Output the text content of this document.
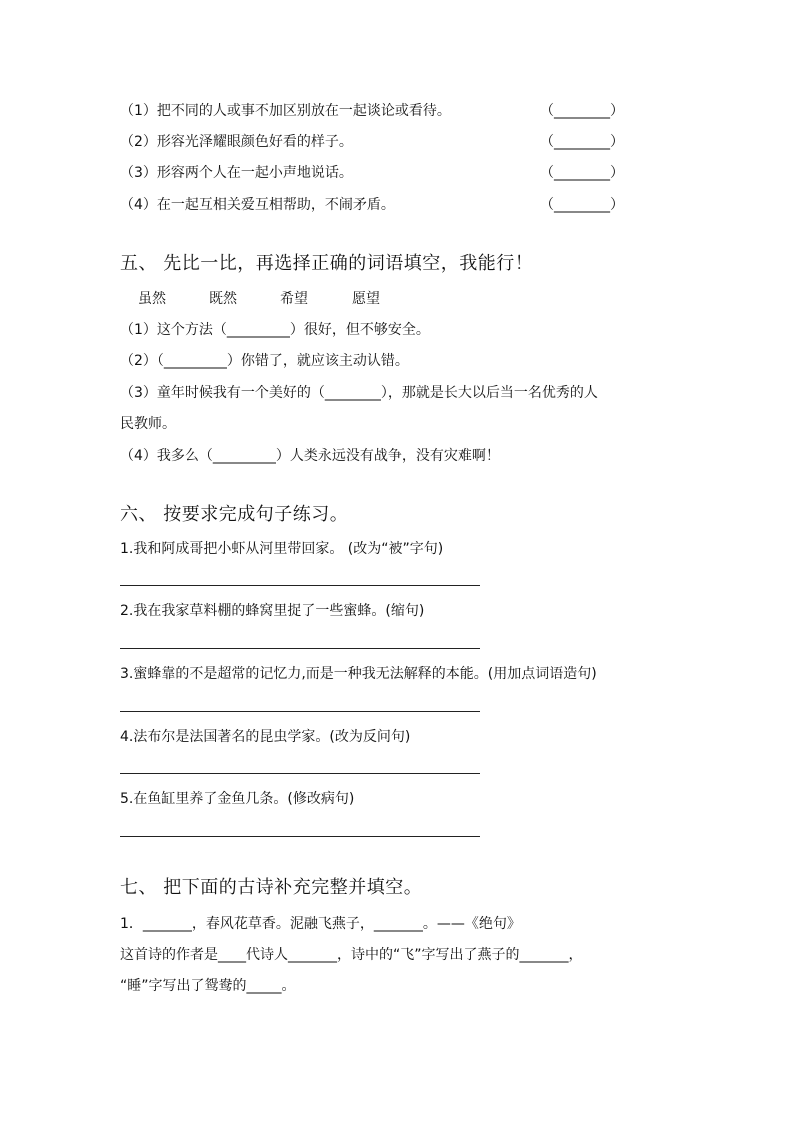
（1）把不同的人或事不加区别放在一起谈论或看待。	（________）
（2）形容光泽耀眼颜色好看的样子。	（________）
（3）形容两个人在一起小声地说话。	（________）
（4）在一起互相关爱互相帮助，不闹矛盾。	（________）
五、 先比一比，再选择正确的词语填空，我能行！
虽然	既然	希望	愿望
（1）这个方法（_________）很好，但不够安全。
（2）（_________）你错了，就应该主动认错。
（3）童年时候我有一个美好的（________），那就是长大以后当一名优秀的人
民教师。
（4）我多么（_________）人类永远没有战争，没有灾难啊！
六、 按要求完成句子练习。
1.我和阿成哥把小虾从河里带回家。 (改为“被”字句)
2.我在我家草料棚的蜂窝里捉了一些蜜蜂。(缩句)
3.蜜蜂靠的不是超常的记忆力,而是一种我无法解释的本能。(用加点词语造句)
4.法布尔是法国著名的昆虫学家。(改为反问句)
5.在鱼缸里养了金鱼几条。(修改病句)
七、 把下面的古诗补充完整并填空。
1．_______，春风花草香。泥融飞燕子，_______。——《绝句》
这首诗的作者是____代诗人_______，诗中的“飞”字写出了燕子的_______，
“睡”字写出了鸳鸯的_____。
